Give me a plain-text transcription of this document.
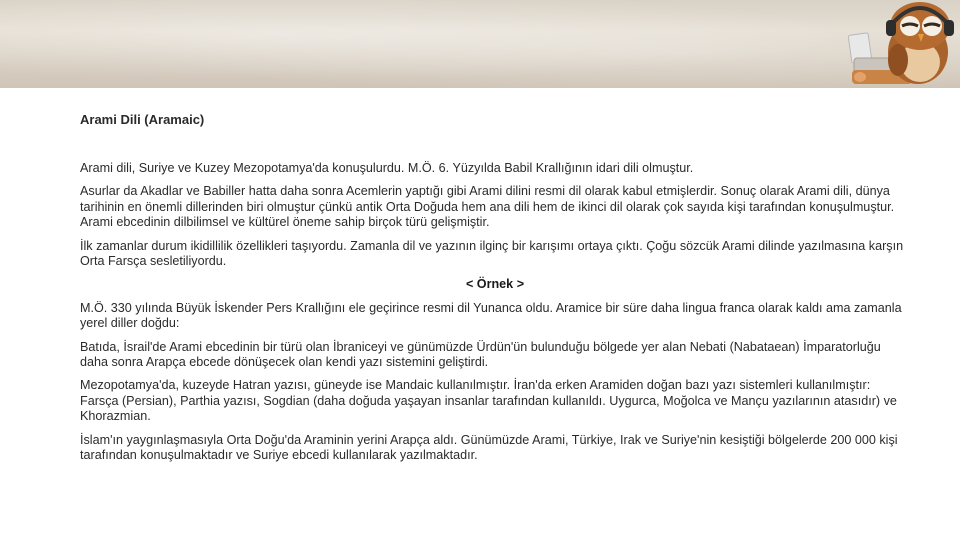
Arami Dili (Aramaic)

Arami dili, Suriye ve Kuzey Mezopotamya'da konuşulurdu. M.Ö. 6. Yüzyılda Babil Krallığının idari dili olmuştur.

Asurlar da Akadlar ve Babiller hatta daha sonra Acemlerin yaptığı gibi Arami dilini resmi dil olarak kabul etmişlerdir. Sonuç olarak Arami dili, dünya tarihinin en önemli dillerinden biri olmuştur çünkü antik Orta Doğuda hem ana dili hem de ikinci dil olarak çok sayıda kişi tarafından konuşulmuştur. Arami ebcedinin dilbilimsel ve kültürel öneme sahip birçok türü gelişmiştir.

İlk zamanlar durum ikidillilik özellikleri taşıyordu. Zamanla dil ve yazının ilginç bir karışımı ortaya çıktı. Çoğu sözcük Arami dilinde yazılmasına karşın Orta Farsça sesletiliyordu.

< Örnek >

M.Ö. 330 yılında Büyük İskender Pers Krallığını ele geçirince resmi dil Yunanca oldu. Aramice bir süre daha lingua franca olarak kaldı ama zamanla yerel diller doğdu:

Batıda, İsrail'de Arami ebcedinin bir türü olan İbraniceyi ve günümüzde Ürdün'ün bulunduğu bölgede yer alan Nebati (Nabataean) İmparatorluğu daha sonra Arapça ebcede dönüşecek olan kendi yazı sistemini geliştirdi.

Mezopotamya'da, kuzeyde Hatran yazısı, güneyde ise Mandaic kullanılmıştır. İran'da erken Aramiden doğan bazı yazı sistemleri kullanılmıştır: Farsça (Persian), Parthia yazısı, Sogdian (daha doğuda yaşayan insanlar tarafından kullanıldı. Uygurca, Moğolca ve Mançu yazılarının atasıdır) ve Khorazmian.

İslam'ın yaygınlaşmasıyla Orta Doğu'da Araminin yerini Arapça aldı. Günümüzde Arami, Türkiye, Irak ve Suriye'nin kesiştiği bölgelerde 200 000 kişi tarafından konuşulmaktadır ve Suriye ebcedi kullanılarak yazılmaktadır.
